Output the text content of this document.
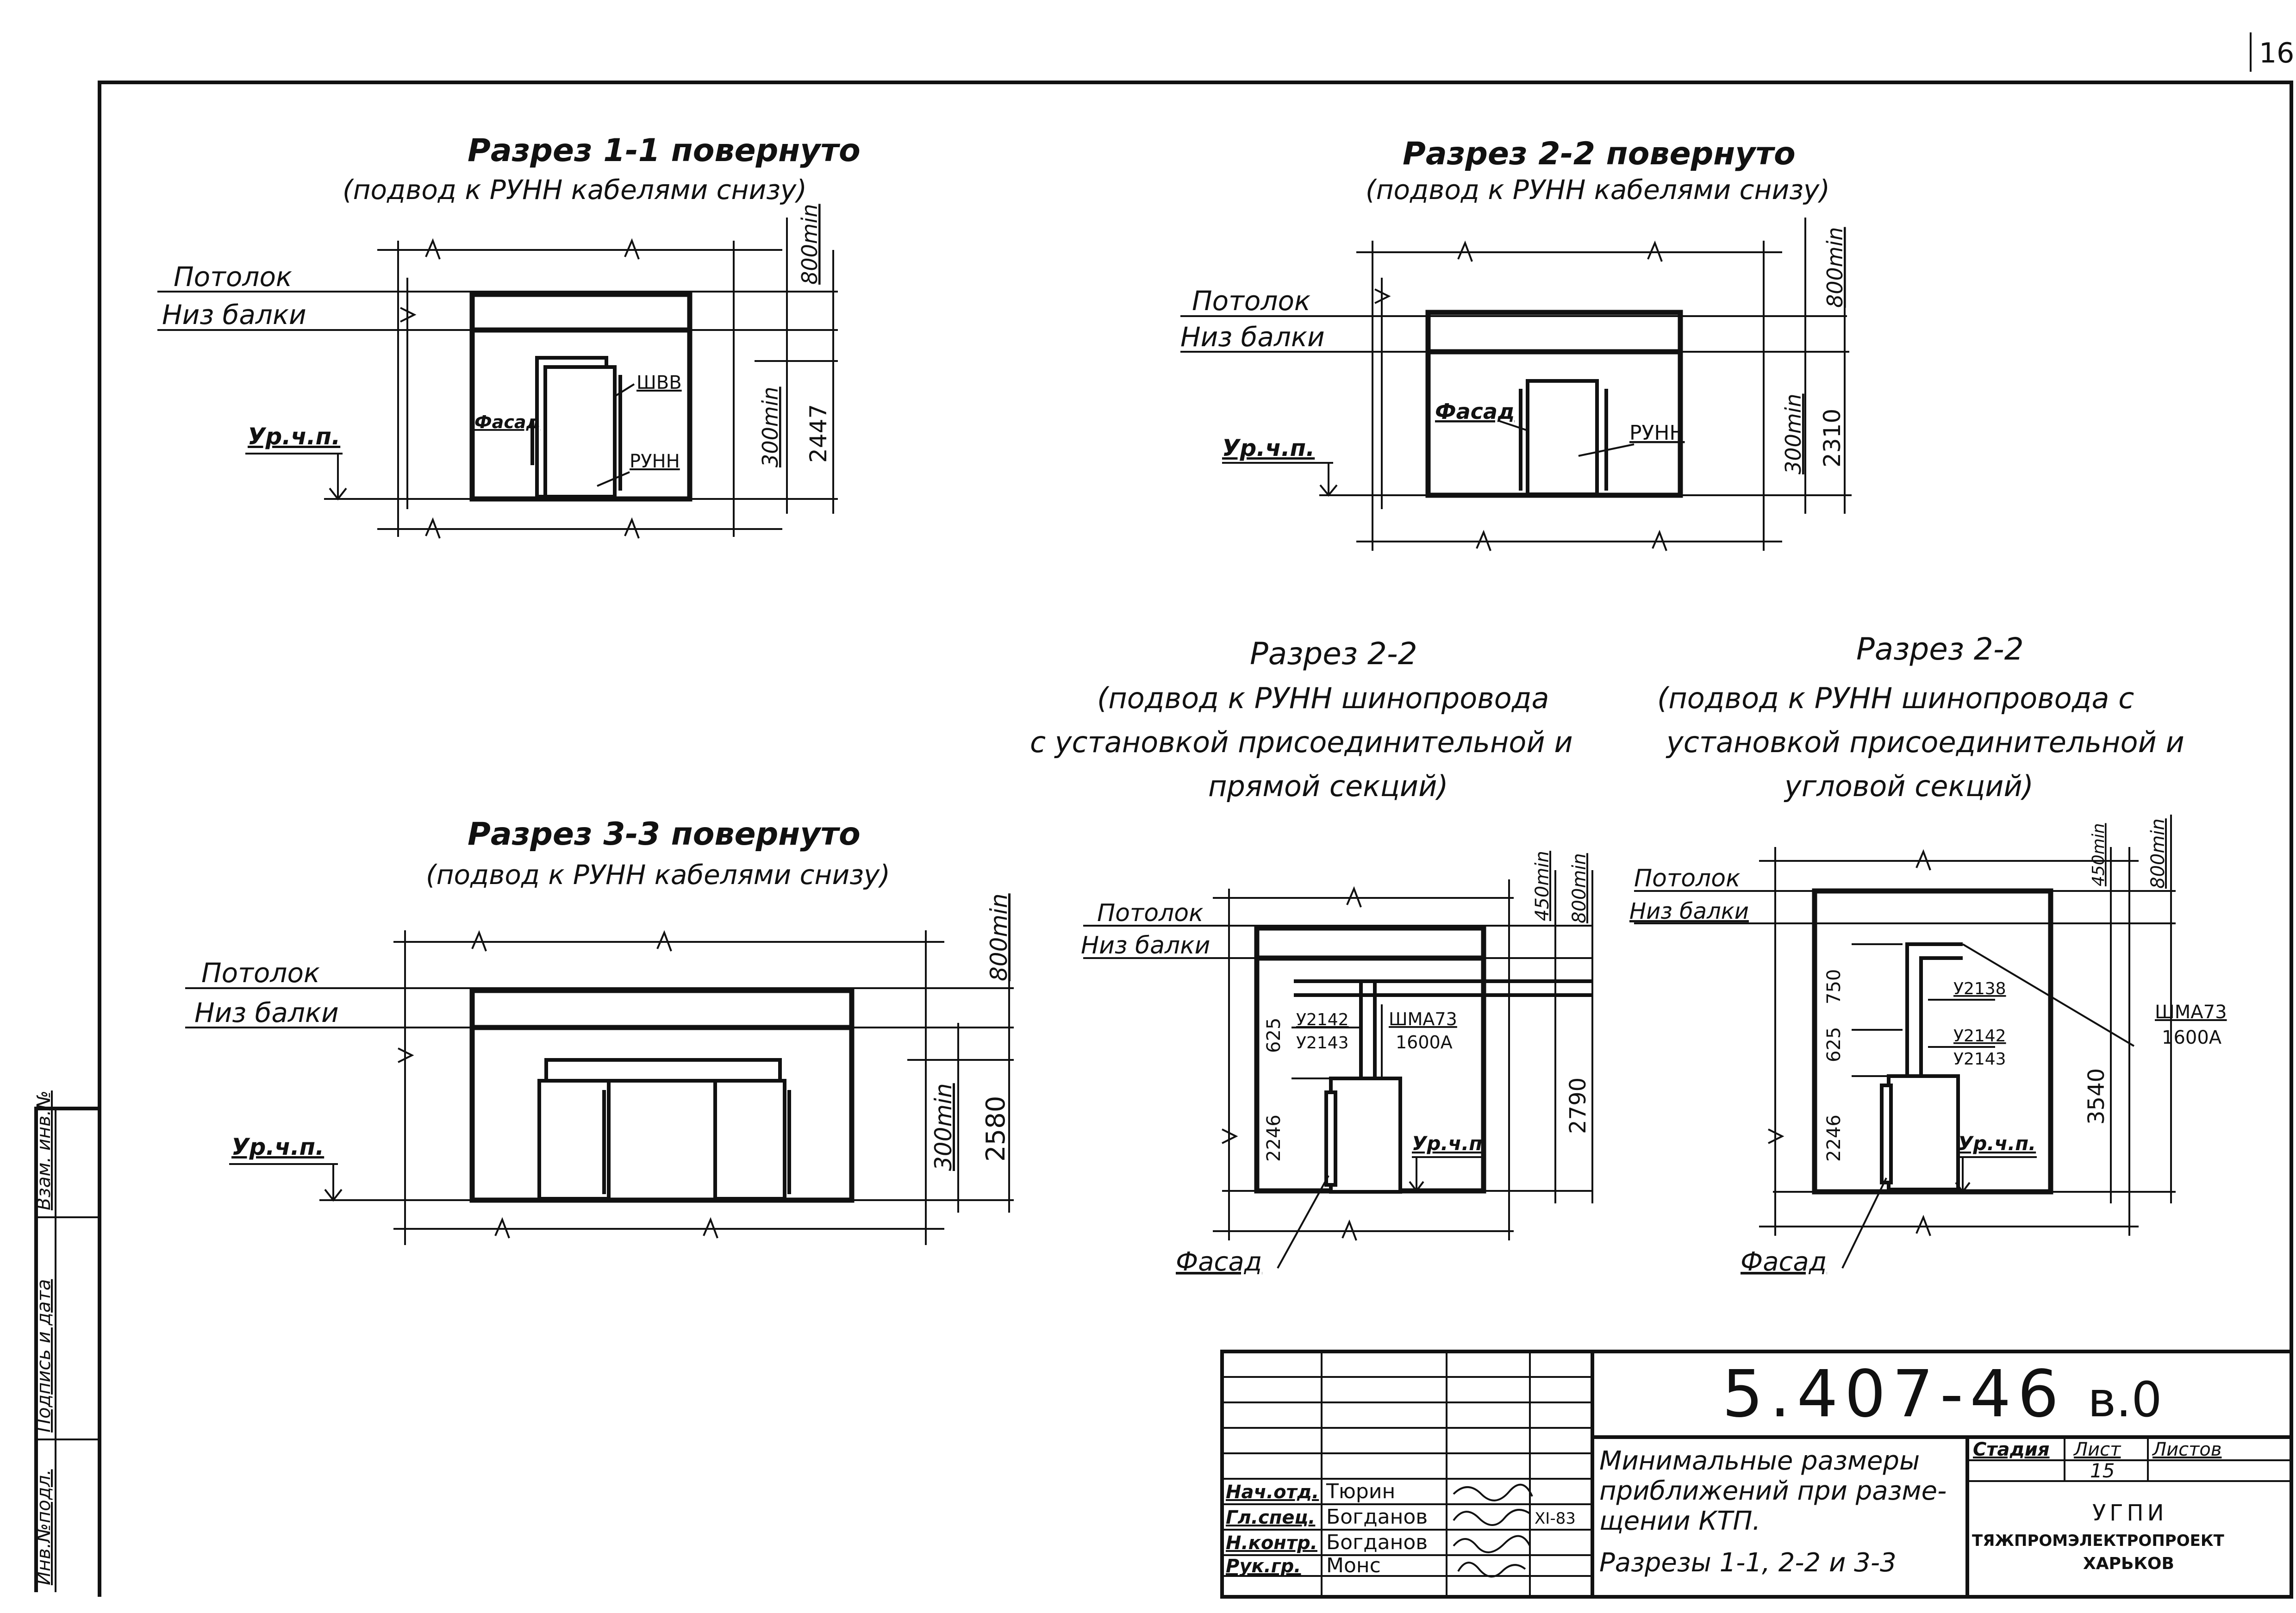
16
Инв.№подл.
Подпись и дата
Взам. инв.№
Разрез 1-1 повернуто
(подвод к РУНН кабелями снизу)
Потолок
Низ балки
Фасад
ШВВ
РУНН
Ур.ч.п.
800min
300min 2447
Разрез 2-2 повернуто
(подвод к РУНН кабелями снизу)
Потолок
Низ балки
Фасад
РУНН
Ур.ч.п.
800min
300min 2310
Разрез 3-3 повернуто
(подвод к РУНН кабелями снизу)
Потолок
Низ балки
Ур.ч.п.
800min
300min 2580
Разрез 2-2
(подвод к РУНН шинопровода
с установкой присоединительной и
прямой секций)
Потолок
Низ балки
У2142
У2143
ШМА73
1600А
Ур.ч.п
450min 800min
625
2246
2790
Фасад
Разрез 2-2
(подвод к РУНН шинопровода с
установкой присоединительной и
угловой секций)
Потолок
Низ балки
У2138
У2142
У2143
ШМА73
1600А
Ур.ч.п.
450min 800min
750
625
2246
3540
Фасад
Нач.отд. Тюрин
Гл.спец. Богданов
Н.контр. Богданов
Рук.гр. Монс
XI-83
5.407-46 в.0
Минимальные размеры
приближений при разме-
щении КТП.
Разрезы 1-1, 2-2 и 3-3
Стадия Лист Листов
15
УГПИ
ТЯЖПРОМЭЛЕКТРОПРОЕКТ
ХАРЬКОВ
